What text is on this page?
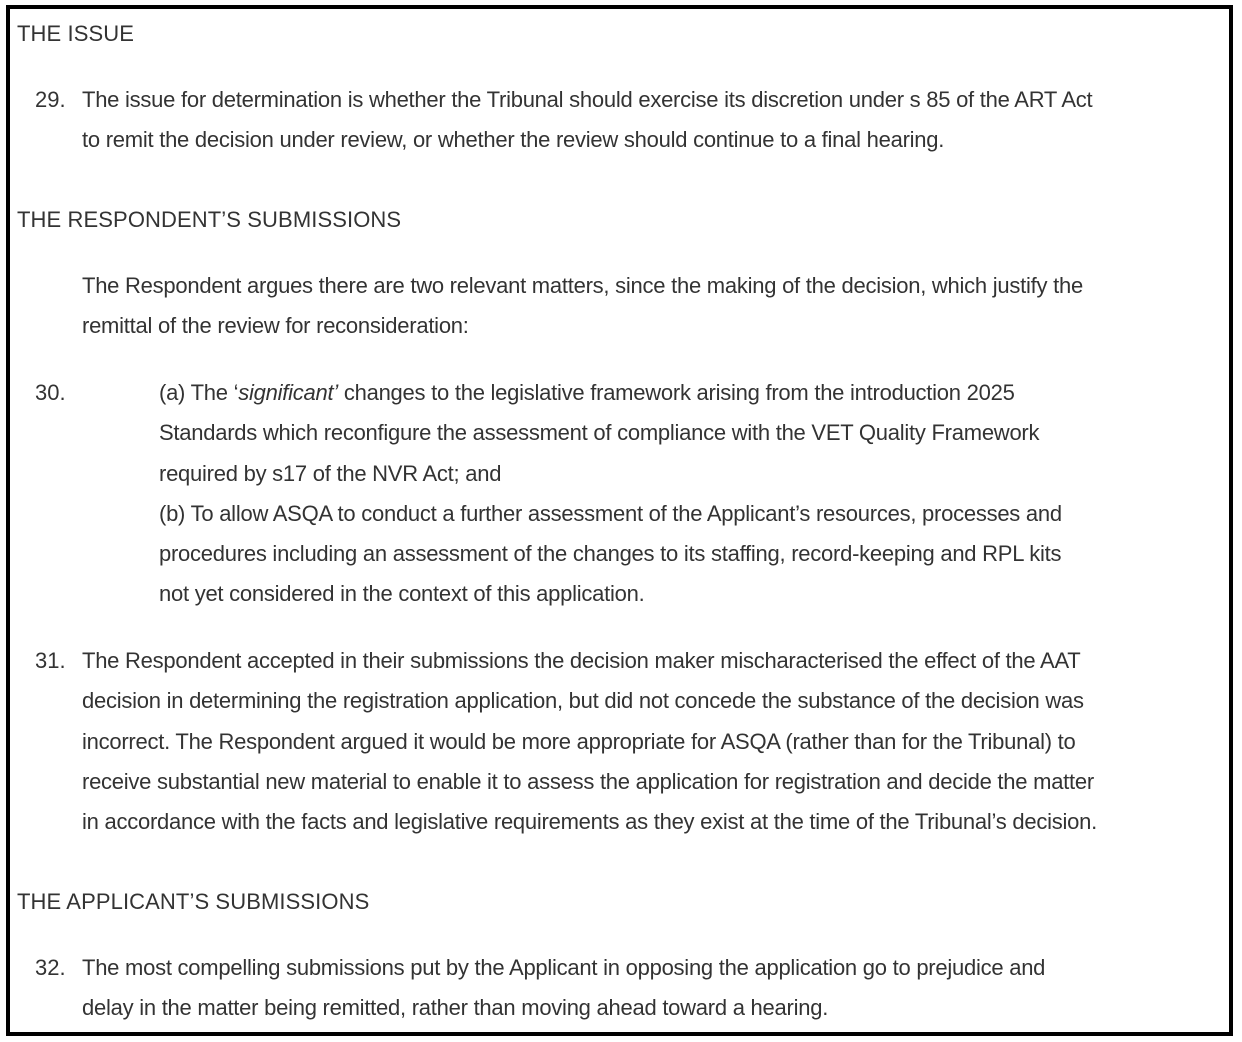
THE ISSUE
29. The issue for determination is whether the Tribunal should exercise its discretion under s 85 of the ART Act
to remit the decision under review, or whether the review should continue to a final hearing.
THE RESPONDENT’S SUBMISSIONS
The Respondent argues there are two relevant matters, since the making of the decision, which justify the
remittal of the review for reconsideration:
30.	(a) The ‘significant’ changes to the legislative framework arising from the introduction 2025
Standards which reconfigure the assessment of compliance with the VET Quality Framework
required by s17 of the NVR Act; and
(b) To allow ASQA to conduct a further assessment of the Applicant’s resources, processes and
procedures including an assessment of the changes to its staffing, record-keeping and RPL kits
not yet considered in the context of this application.
31. The Respondent accepted in their submissions the decision maker mischaracterised the effect of the AAT
decision in determining the registration application, but did not concede the substance of the decision was
incorrect. The Respondent argued it would be more appropriate for ASQA (rather than for the Tribunal) to
receive substantial new material to enable it to assess the application for registration and decide the matter
in accordance with the facts and legislative requirements as they exist at the time of the Tribunal’s decision.
THE APPLICANT’S SUBMISSIONS
32. The most compelling submissions put by the Applicant in opposing the application go to prejudice and
delay in the matter being remitted, rather than moving ahead toward a hearing.
